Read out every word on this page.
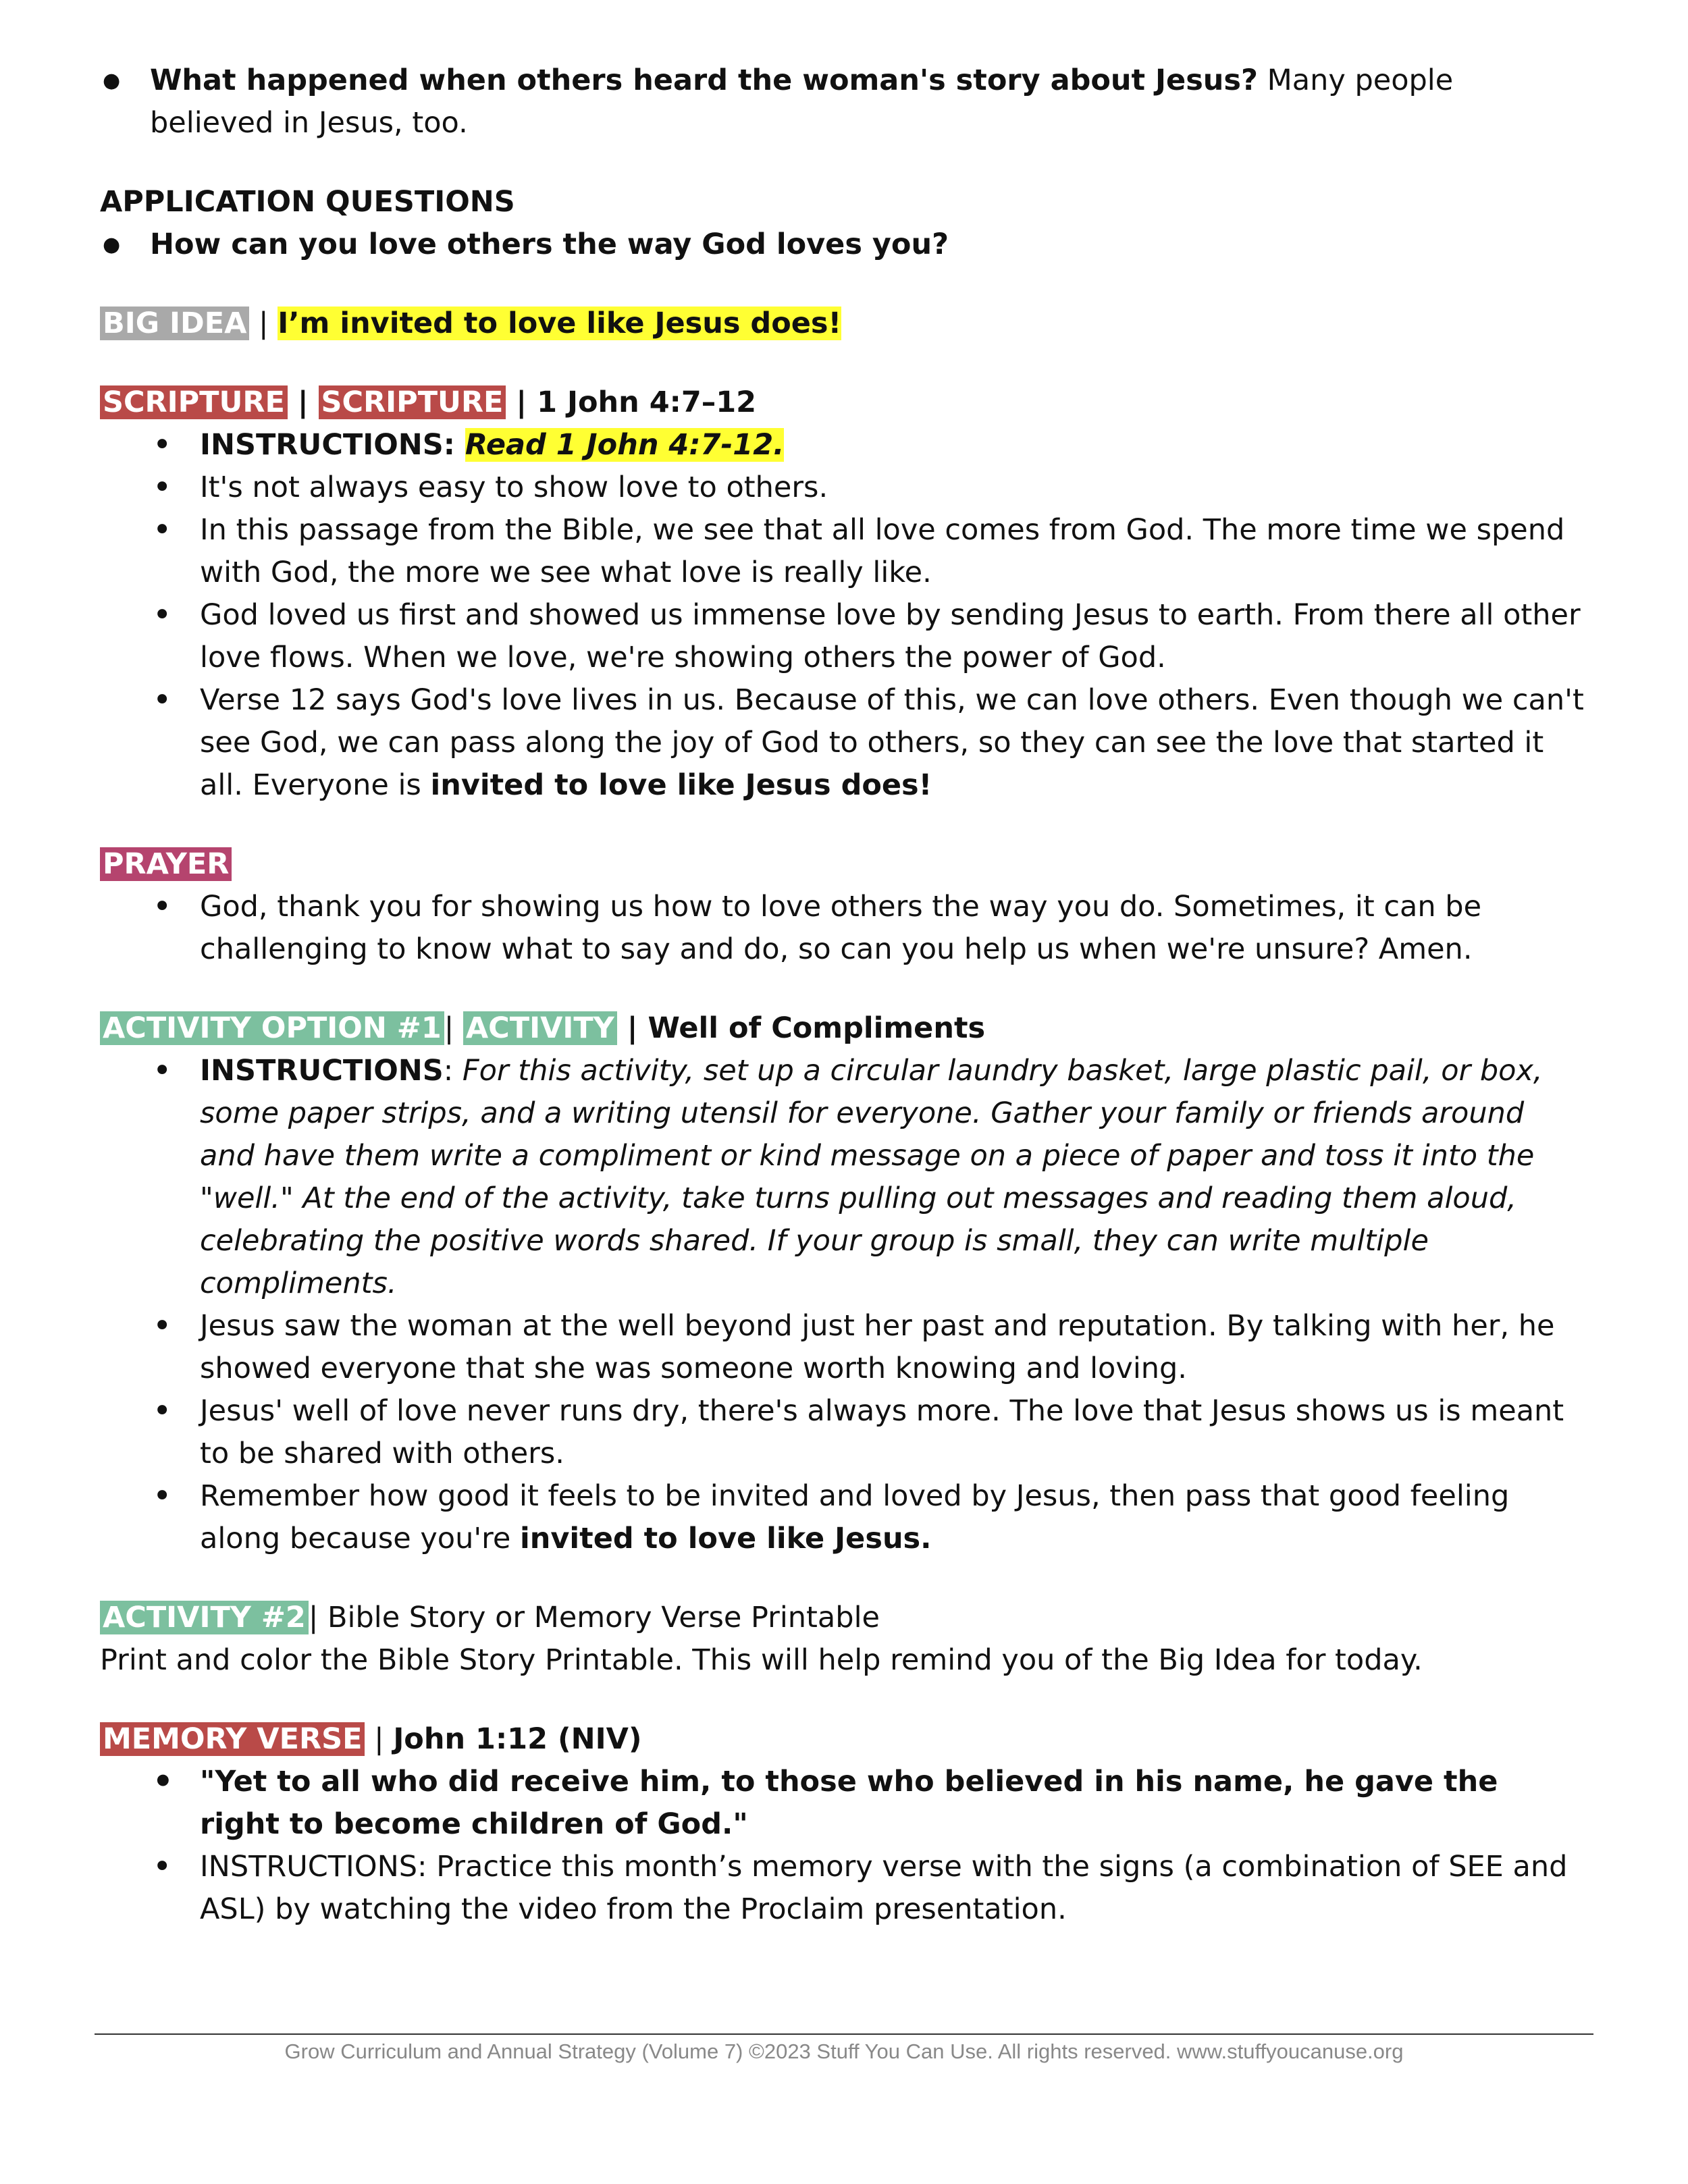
● What happened when others heard the woman's story about Jesus? Many people believed in Jesus, too.

APPLICATION QUESTIONS

● How can you love others the way God loves you?

BIG IDEA | I’m invited to love like Jesus does!

SCRIPTURE | SCRIPTURE | 1 John 4:7–12

• INSTRUCTIONS: Read 1 John 4:7-12.
• It's not always easy to show love to others.
• In this passage from the Bible, we see that all love comes from God. The more time we spend with God, the more we see what love is really like.
• God loved us first and showed us immense love by sending Jesus to earth. From there all other love flows. When we love, we're showing others the power of God.
• Verse 12 says God's love lives in us. Because of this, we can love others. Even though we can't see God, we can pass along the joy of God to others, so they can see the love that started it all. Everyone is invited to love like Jesus does!

PRAYER

• God, thank you for showing us how to love others the way you do. Sometimes, it can be challenging to know what to say and do, so can you help us when we're unsure? Amen.

ACTIVITY OPTION #1| ACTIVITY | Well of Compliments

• INSTRUCTIONS: For this activity, set up a circular laundry basket, large plastic pail, or box, some paper strips, and a writing utensil for everyone. Gather your family or friends around and have them write a compliment or kind message on a piece of paper and toss it into the "well." At the end of the activity, take turns pulling out messages and reading them aloud, celebrating the positive words shared. If your group is small, they can write multiple compliments.
• Jesus saw the woman at the well beyond just her past and reputation. By talking with her, he showed everyone that she was someone worth knowing and loving.
• Jesus' well of love never runs dry, there's always more. The love that Jesus shows us is meant to be shared with others.
• Remember how good it feels to be invited and loved by Jesus, then pass that good feeling along because you're invited to love like Jesus.

ACTIVITY #2| Bible Story or Memory Verse Printable

Print and color the Bible Story Printable. This will help remind you of the Big Idea for today.

MEMORY VERSE | John 1:12 (NIV)

• "Yet to all who did receive him, to those who believed in his name, he gave the right to become children of God."
• INSTRUCTIONS: Practice this month’s memory verse with the signs (a combination of SEE and ASL) by watching the video from the Proclaim presentation.
Grow Curriculum and Annual Strategy (Volume 7) ©2023 Stuff You Can Use. All rights reserved. www.stuffyoucanuse.org
